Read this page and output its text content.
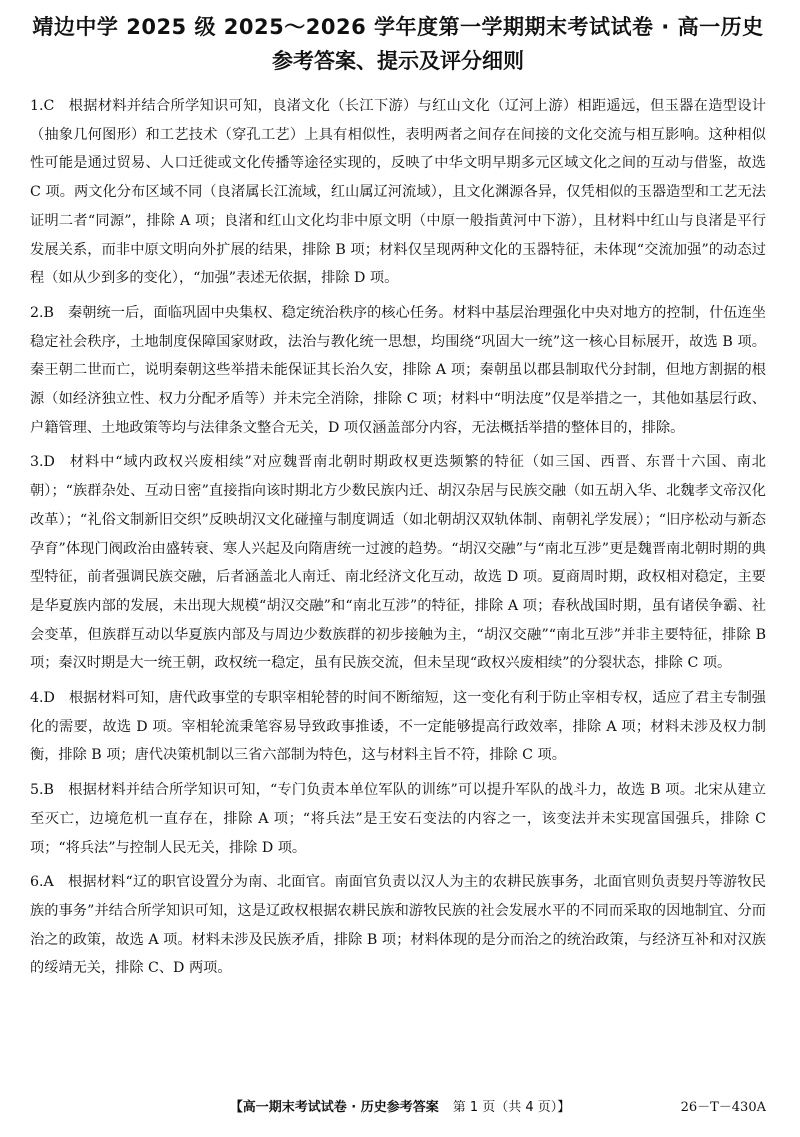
靖边中学 2025 级 2025～2026 学年度第一学期期末考试试卷 · 高一历史
参考答案、提示及评分细则

1.C 根据材料并结合所学知识可知，良渚文化（长江下游）与红山文化（辽河上游）相距遥远，但玉器在造型设计（抽象几何图形）和工艺技术（穿孔工艺）上具有相似性，表明两者之间存在间接的文化交流与相互影响。这种相似性可能是通过贸易、人口迁徙或文化传播等途径实现的，反映了中华文明早期多元区域文化之间的互动与借鉴，故选 C 项。两文化分布区域不同（良渚属长江流域，红山属辽河流域），且文化渊源各异，仅凭相似的玉器造型和工艺无法证明二者“同源”，排除 A 项；良渚和红山文化均非中原文明（中原一般指黄河中下游），且材料中红山与良渚是平行发展关系，而非中原文明向外扩展的结果，排除 B 项；材料仅呈现两种文化的玉器特征，未体现“交流加强”的动态过程（如从少到多的变化），“加强”表述无依据，排除 D 项。

2.B 秦朝统一后，面临巩固中央集权、稳定统治秩序的核心任务。材料中基层治理强化中央对地方的控制，什伍连坐稳定社会秩序，土地制度保障国家财政，法治与教化统一思想，均围绕“巩固大一统”这一核心目标展开，故选 B 项。秦王朝二世而亡，说明秦朝这些举措未能保证其长治久安，排除 A 项；秦朝虽以郡县制取代分封制，但地方割据的根源（如经济独立性、权力分配矛盾等）并未完全消除，排除 C 项；材料中“明法度”仅是举措之一，其他如基层行政、户籍管理、土地政策等均与法律条文整合无关，D 项仅涵盖部分内容，无法概括举措的整体目的，排除。

3.D 材料中“域内政权兴废相续”对应魏晋南北朝时期政权更迭频繁的特征（如三国、西晋、东晋十六国、南北朝）；“族群杂处、互动日密”直接指向该时期北方少数民族内迁、胡汉杂居与民族交融（如五胡入华、北魏孝文帝汉化改革）；“礼俗文制新旧交织”反映胡汉文化碰撞与制度调适（如北朝胡汉双轨体制、南朝礼学发展）；“旧序松动与新态孕育”体现门阀政治由盛转衰、寒人兴起及向隋唐统一过渡的趋势。“胡汉交融”与“南北互涉”更是魏晋南北朝时期的典型特征，前者强调民族交融，后者涵盖北人南迁、南北经济文化互动，故选 D 项。夏商周时期，政权相对稳定，主要是华夏族内部的发展，未出现大规模“胡汉交融”和“南北互涉”的特征，排除 A 项；春秋战国时期，虽有诸侯争霸、社会变革，但族群互动以华夏族内部及与周边少数族群的初步接触为主，“胡汉交融”“南北互涉”并非主要特征，排除 B 项；秦汉时期是大一统王朝，政权统一稳定，虽有民族交流，但未呈现“政权兴废相续”的分裂状态，排除 C 项。

4.D 根据材料可知，唐代政事堂的专职宰相轮替的时间不断缩短，这一变化有利于防止宰相专权，适应了君主专制强化的需要，故选 D 项。宰相轮流秉笔容易导致政事推诿，不一定能够提高行政效率，排除 A 项；材料未涉及权力制衡，排除 B 项；唐代决策机制以三省六部制为特色，这与材料主旨不符，排除 C 项。

5.B 根据材料并结合所学知识可知，“专门负责本单位军队的训练”可以提升军队的战斗力，故选 B 项。北宋从建立至灭亡，边境危机一直存在，排除 A 项；“将兵法”是王安石变法的内容之一，该变法并未实现富国强兵，排除 C 项；“将兵法”与控制人民无关，排除 D 项。

6.A 根据材料“辽的职官设置分为南、北面官。南面官负责以汉人为主的农耕民族事务，北面官则负责契丹等游牧民族的事务”并结合所学知识可知，这是辽政权根据农耕民族和游牧民族的社会发展水平的不同而采取的因地制宜、分而治之的政策，故选 A 项。材料未涉及民族矛盾，排除 B 项；材料体现的是分而治之的统治政策，与经济互补和对汉族的绥靖无关，排除 C、D 两项。

【高一期末考试试卷 · 历史参考答案 第 1 页（共 4 页）】	26－T－430A
